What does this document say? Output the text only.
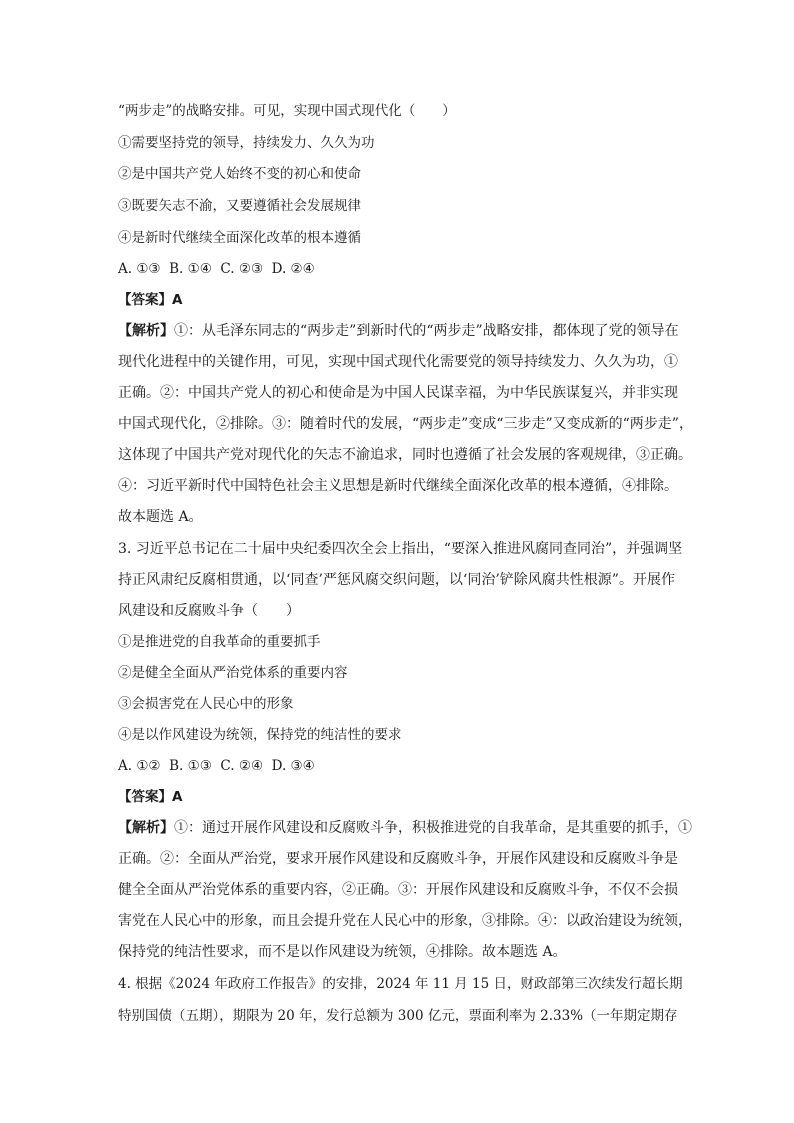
“两步走”的战略安排。可见，实现中国式现代化（　　）
①需要坚持党的领导，持续发力、久久为功
②是中国共产党人始终不变的初心和使命
③既要矢志不渝，又要遵循社会发展规律
④是新时代继续全面深化改革的根本遵循
A. ①③  B. ①④  C. ②③  D. ②④
【答案】A
【解析】①：从毛泽东同志的“两步走”到新时代的“两步走”战略安排，都体现了党的领导在
现代化进程中的关键作用，可见，实现中国式现代化需要党的领导持续发力、久久为功，①
正确。②：中国共产党人的初心和使命是为中国人民谋幸福，为中华民族谋复兴，并非实现
中国式现代化，②排除。③：随着时代的发展，“两步走”变成“三步走”又变成新的“两步走”，
这体现了中国共产党对现代化的矢志不渝追求，同时也遵循了社会发展的客观规律，③正确。
④：习近平新时代中国特色社会主义思想是新时代继续全面深化改革的根本遵循，④排除。
故本题选 A。
3. 习近平总书记在二十届中央纪委四次全会上指出，“要深入推进风腐同查同治”，并强调坚
持正风肃纪反腐相贯通，以‘同查’严惩风腐交织问题，以‘同治’铲除风腐共性根源”。开展作
风建设和反腐败斗争（　　）
①是推进党的自我革命的重要抓手
②是健全全面从严治党体系的重要内容
③会损害党在人民心中的形象
④是以作风建设为统领，保持党的纯洁性的要求
A. ①②  B. ①③  C. ②④  D. ③④
【答案】A
【解析】①：通过开展作风建设和反腐败斗争，积极推进党的自我革命，是其重要的抓手，①
正确。②：全面从严治党，要求开展作风建设和反腐败斗争，开展作风建设和反腐败斗争是
健全全面从严治党体系的重要内容，②正确。③：开展作风建设和反腐败斗争，不仅不会损
害党在人民心中的形象，而且会提升党在人民心中的形象，③排除。④：以政治建设为统领，
保持党的纯洁性要求，而不是以作风建设为统领，④排除。故本题选 A。
4. 根据《2024 年政府工作报告》的安排，2024 年 11 月 15 日，财政部第三次续发行超长期
特别国债（五期），期限为 20 年，发行总额为 300 亿元，票面利率为 2.33%（一年期定期存
